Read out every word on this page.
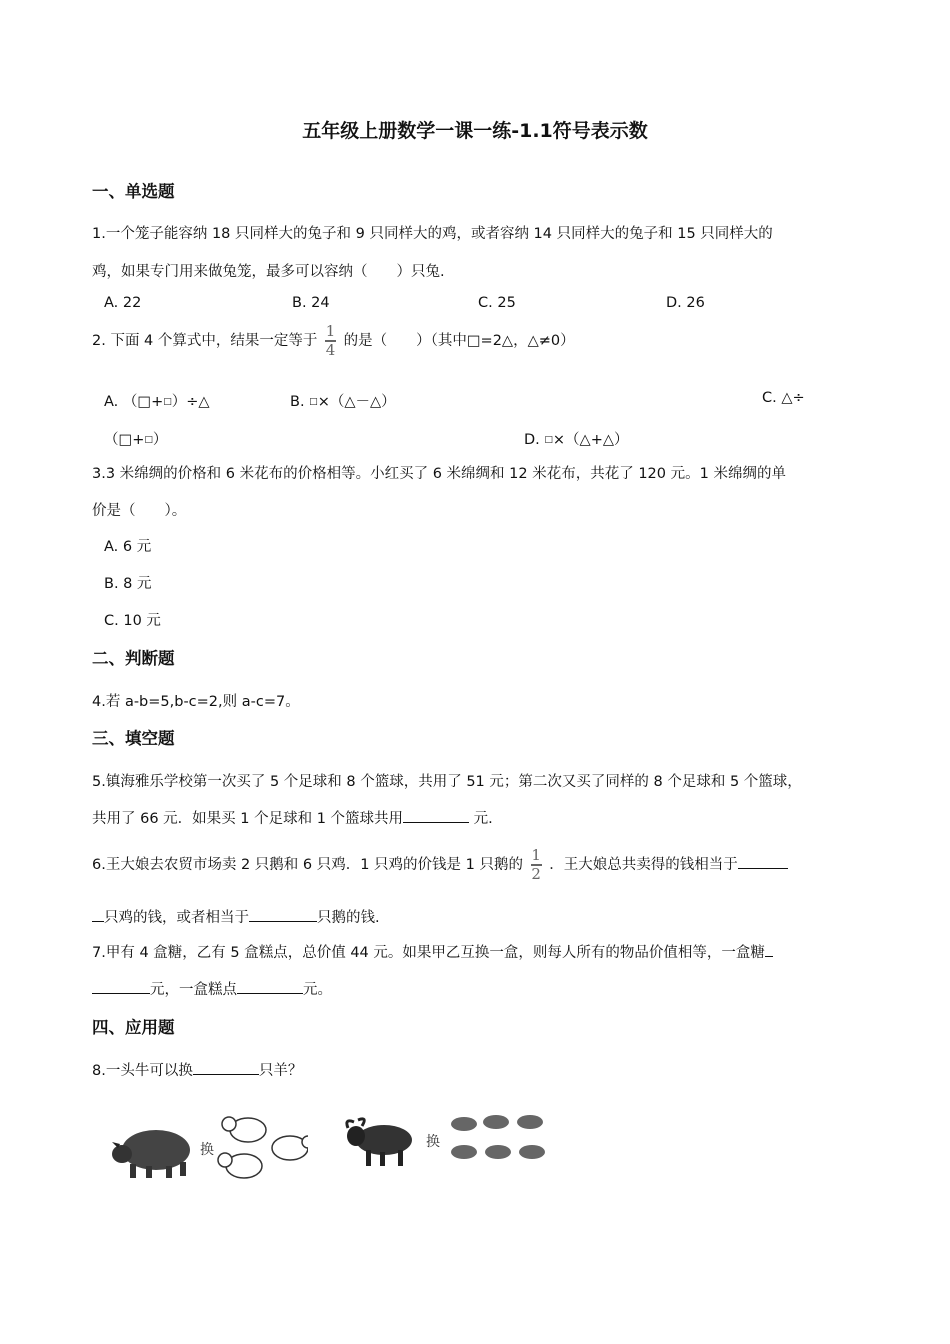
五年级上册数学一课一练-1.1符号表示数
一、单选题
1.一个笼子能容纳 18 只同样大的兔子和 9 只同样大的鸡，或者容纳 14 只同样大的兔子和 15 只同样大的
鸡，如果专门用来做兔笼，最多可以容纳（　　）只兔.
A. 22	B. 24	C. 25	D. 26
2. 下面 4 个算式中，结果一定等于 $\frac{1}{4}$ 的是（　　）（其中□=2△，△≠0）
A. （□+□）÷△	B. □×（△－△）	C. △÷
（□+□）	D. □×（△+△）
3.3 米绵绸的价格和 6 米花布的价格相等。小红买了 6 米绵绸和 12 米花布，共花了 120 元。1 米绵绸的单
价是（　　）。
A. 6 元
B. 8 元
C. 10 元
二、判断题
4.若 a-b=5,b-c=2,则 a-c=7。
三、填空题
5.镇海雅乐学校第一次买了 5 个足球和 8 个篮球，共用了 51 元；第二次又买了同样的 8 个足球和 5 个篮球，
共用了 66 元．如果买 1 个足球和 1 个篮球共用	元.
6.王大娘去农贸市场卖 2 只鹅和 6 只鸡．1 只鸡的价钱是 1 只鹅的 $\frac{1}{2}$ ．王大娘总共卖得的钱相当于
只鸡的钱，或者相当于	只鹅的钱.
7.甲有 4 盒糖，乙有 5 盒糕点，总价值 44 元。如果甲乙互换一盒，则每人所有的物品价值相等，一盒糖
元，一盒糕点	元。
四、应用题
8.一头牛可以换	只羊？
换	换
